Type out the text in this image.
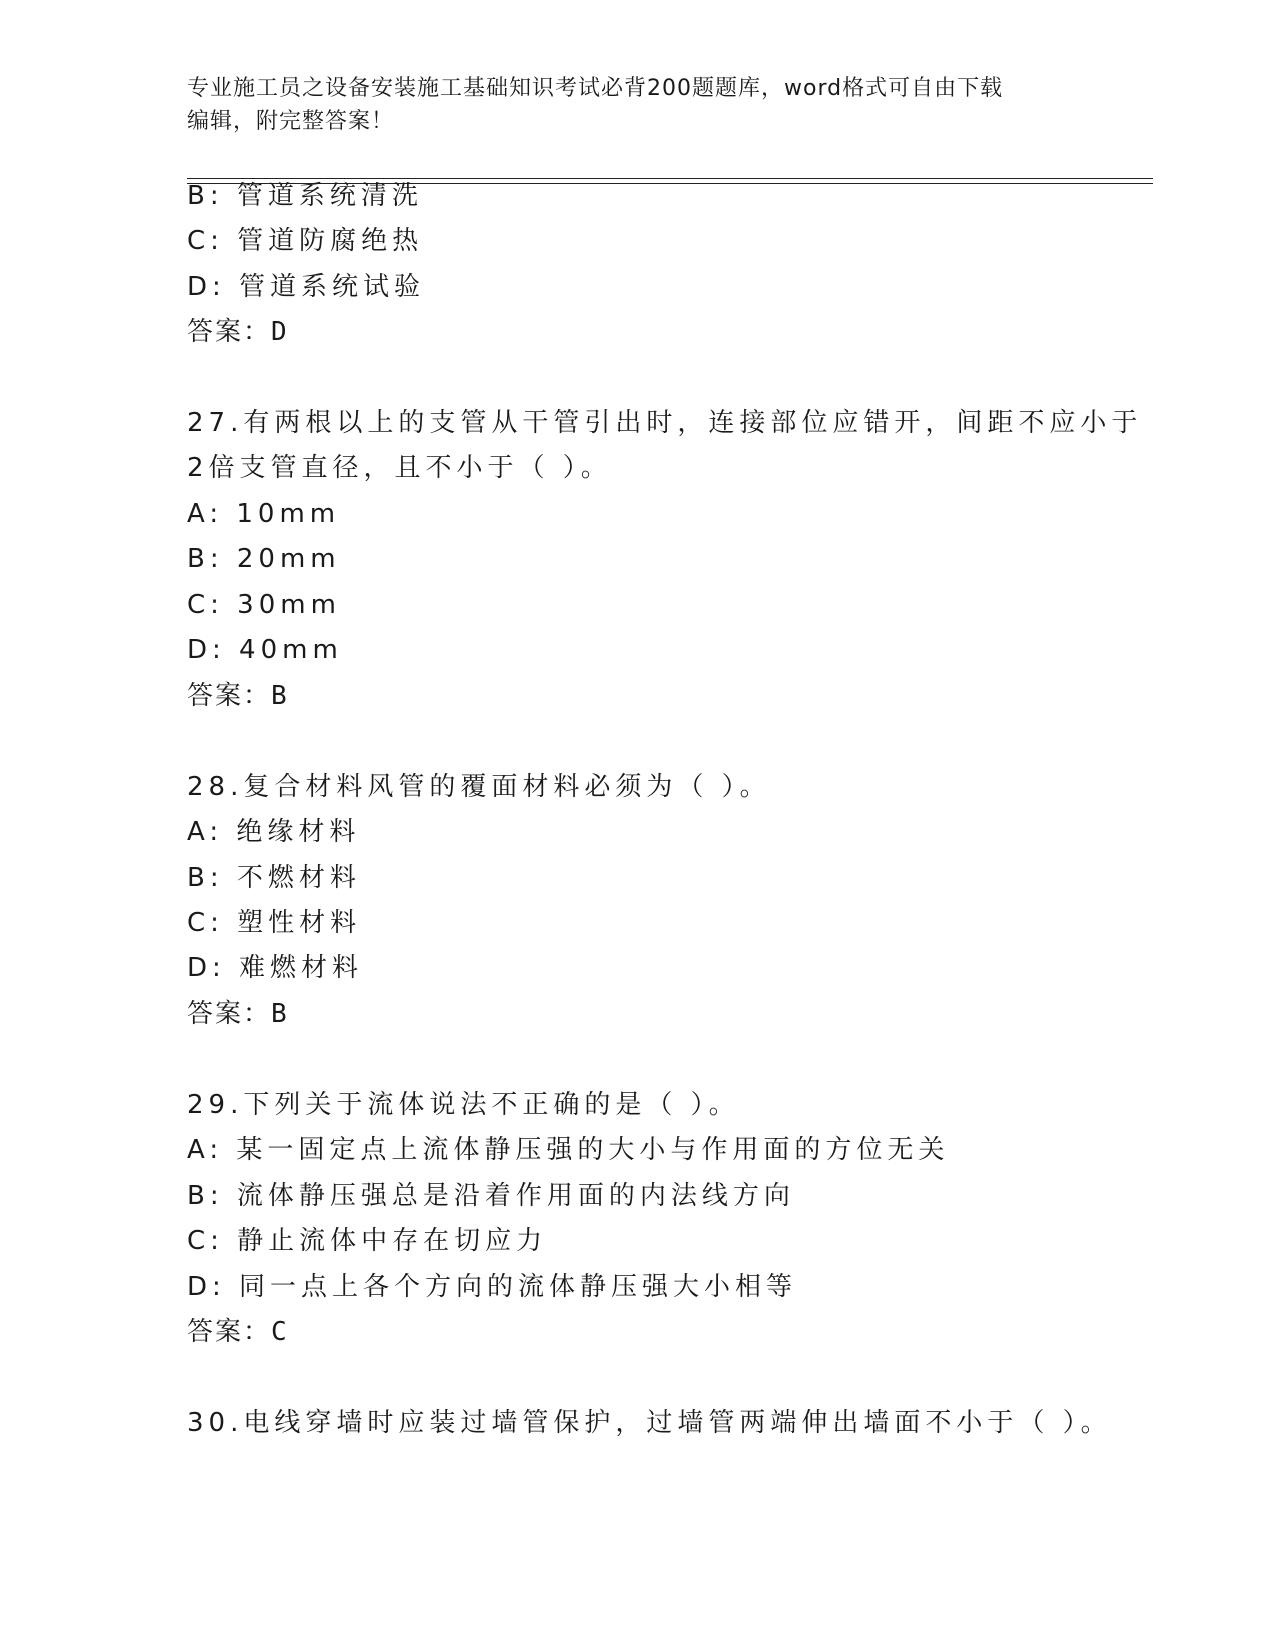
专业施工员之设备安装施工基础知识考试必背200题题库，word格式可自由下载
编辑，附完整答案！
B: 管道系统清洗
C: 管道防腐绝热
D: 管道系统试验
答案：D
27.有两根以上的支管从干管引出时，连接部位应错开，间距不应小于
2倍支管直径，且不小于（ ）。
A: 10mm
B: 20mm
C: 30mm
D: 40mm
答案：B
28.复合材料风管的覆面材料必须为（ ）。
A: 绝缘材料
B: 不燃材料
C: 塑性材料
D: 难燃材料
答案：B
29.下列关于流体说法不正确的是（ ）。
A: 某一固定点上流体静压强的大小与作用面的方位无关
B: 流体静压强总是沿着作用面的内法线方向
C: 静止流体中存在切应力
D: 同一点上各个方向的流体静压强大小相等
答案：C
30.电线穿墙时应装过墙管保护，过墙管两端伸出墙面不小于（ ）。
